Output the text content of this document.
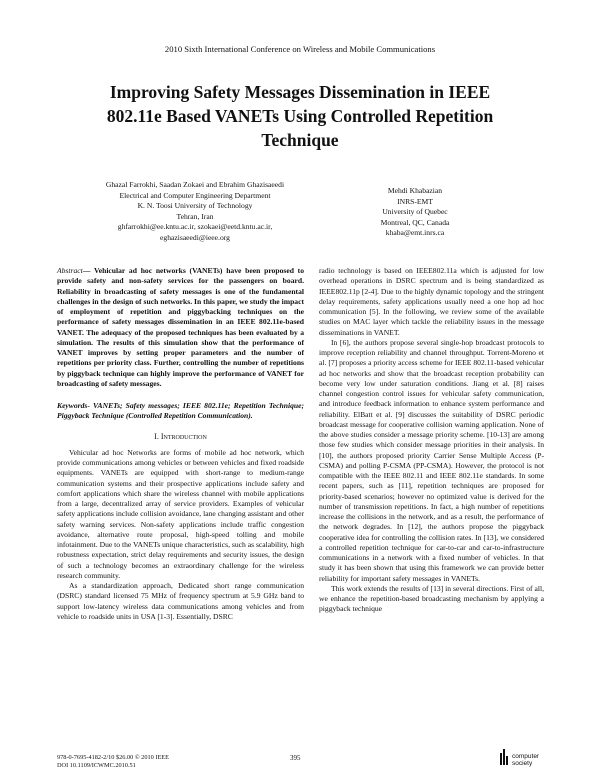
2010 Sixth International Conference on Wireless and Mobile Communications
Improving Safety Messages Dissemination in IEEE
802.11e Based VANETs Using Controlled Repetition
Technique
Ghazal Farrokhi, Saadan Zokaei and Ebrahim Ghazisaeedi
Electrical and Computer Engineering Department
K. N. Toosi University of Technology
Tehran, Iran
ghfarrokhi@ee.kntu.ac.ir, szokaei@eetd.kntu.ac.ir,
eghazisaeedi@ieee.org
Mehdi Khabazian
INRS-EMT
University of Quebec
Montreal, QC, Canada
khaba@emt.inrs.ca

Abstract— Vehicular ad hoc networks (VANETs) have been proposed to provide safety and non-safety services for the passengers on board. Reliability in broadcasting of safety messages is one of the fundamental challenges in the design of such networks. In this paper, we study the impact of employment of repetition and piggybacking techniques on the performance of safety messages dissemination in an IEEE 802.11e-based VANET. The adequacy of the proposed techniques has been evaluated by a simulation. The results of this simulation show that the performance of VANET improves by setting proper parameters and the number of repetitions per priority class. Further, controlling the number of repetitions by piggyback technique can highly improve the performance of VANET for broadcasting of safety messages.

Keywords- VANETs; Safety messages; IEEE 802.11e; Repetition Technique; Piggyback Technique (Controlled Repetition Communication).

I. Introduction

Vehicular ad hoc Networks are forms of mobile ad hoc network, which provide communications among vehicles or between vehicles and fixed roadside equipments. VANETs are equipped with short-range to medium-range communication systems and their prospective applications include safety and comfort applications which share the wireless channel with mobile applications from a large, decentralized array of service providers. Examples of vehicular safety applications include collision avoidance, lane changing assistant and other safety warning services. Non-safety applications include traffic congestion avoidance, alternative route proposal, high-speed tolling and mobile infotainment. Due to the VANETs unique characteristics, such as scalability, high robustness expectation, strict delay requirements and security issues, the design of such a technology becomes an extraordinary challenge for the wireless research community.

As a standardization approach, Dedicated short range communication (DSRC) standard licensed 75 MHz of frequency spectrum at 5.9 GHz band to support low-latency wireless data communications among vehicles and from vehicle to roadside units in USA [1-3]. Essentially, DSRC

radio technology is based on IEEE802.11a which is adjusted for low overhead operations in DSRC spectrum and is being standardized as IEEE802.11p [2-4]. Due to the highly dynamic topology and the stringent delay requirements, safety applications usually need a one hop ad hoc communication [5]. In the following, we review some of the available studies on MAC layer which tackle the reliability issues in the message disseminations in VANET.

In [6], the authors propose several single-hop broadcast protocols to improve reception reliability and channel throughput. Torrent-Moreno et al. [7] proposes a priority access scheme for IEEE 802.11-based vehicular ad hoc networks and show that the broadcast reception probability can become very low under saturation conditions. Jiang et al. [8] raises channel congestion control issues for vehicular safety communication, and introduce feedback information to enhance system performance and reliability. ElBatt et al. [9] discusses the suitability of DSRC periodic broadcast message for cooperative collision warning application. None of the above studies consider a message priority scheme. [10-13] are among those few studies which consider message priorities in their analysis. In [10], the authors proposed priority Carrier Sense Multiple Access (P-CSMA) and polling P-CSMA (PP-CSMA). However, the protocol is not compatible with the IEEE 802.11 and IEEE 802.11e standards. In some recent papers, such as [11], repetition techniques are proposed for priority-based scenarios; however no optimized value is derived for the number of transmission repetitions. In fact, a high number of repetitions increase the collisions in the network, and as a result, the performance of the network degrades. In [12], the authors propose the piggyback cooperative idea for controlling the collision rates. In [13], we considered a controlled repetition technique for car-to-car and car-to-infrastructure communications in a network with a fixed number of vehicles. In that study it has been shown that using this framework we can provide better reliability for important safety messages in VANETs.

This work extends the results of [13] in several directions. First of all, we enhance the repetition-based broadcasting mechanism by applying a piggyback technique

978-0-7695-4182-2/10 $26.00 © 2010 IEEE
DOI 10.1109/ICWMC.2010.51
395	computer
society
